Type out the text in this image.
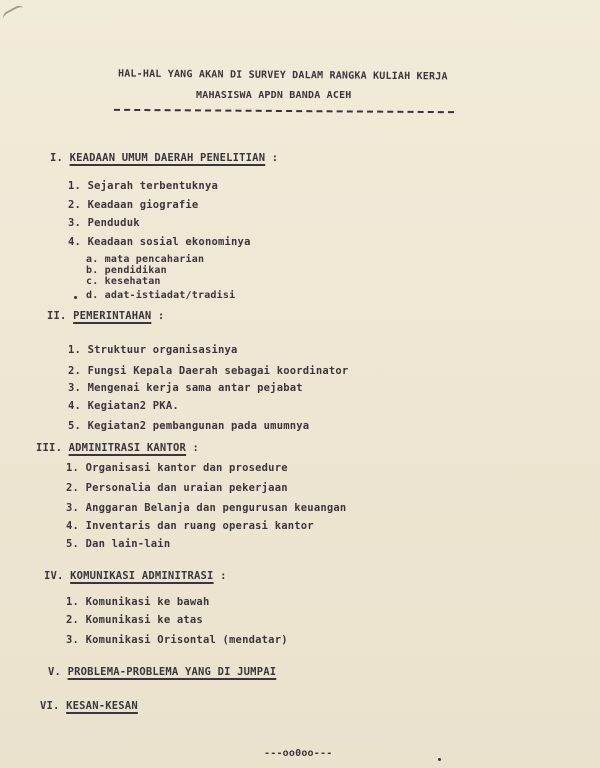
HAL-HAL YANG AKAN DI SURVEY DALAM RANGKA KULIAH KERJA
MAHASISWA APDN BANDA ACEH
I. KEADAAN UMUM DAERAH PENELITIAN :
1. Sejarah terbentuknya
2. Keadaan giografie
3. Penduduk
4. Keadaan sosial ekonominya
a. mata pencaharian
b. pendidikan
c. kesehatan
d. adat-istiadat/tradisi
II. PEMERINTAHAN :
1. Struktuur organisasinya
2. Fungsi Kepala Daerah sebagai koordinator
3. Mengenai kerja sama antar pejabat
4. Kegiatan2 PKA.
5. Kegiatan2 pembangunan pada umumnya
III. ADMINITRASI KANTOR :
1. Organisasi kantor dan prosedure
2. Personalia dan uraian pekerjaan
3. Anggaran Belanja dan pengurusan keuangan
4. Inventaris dan ruang operasi kantor
5. Dan lain-lain
IV. KOMUNIKASI ADMINITRASI :
1. Komunikasi ke bawah
2. Komunikasi ke atas
3. Komunikasi Orisontal (mendatar)
V. PROBLEMA-PROBLEMA YANG DI JUMPAI
VI. KESAN-KESAN
---oo0oo---
